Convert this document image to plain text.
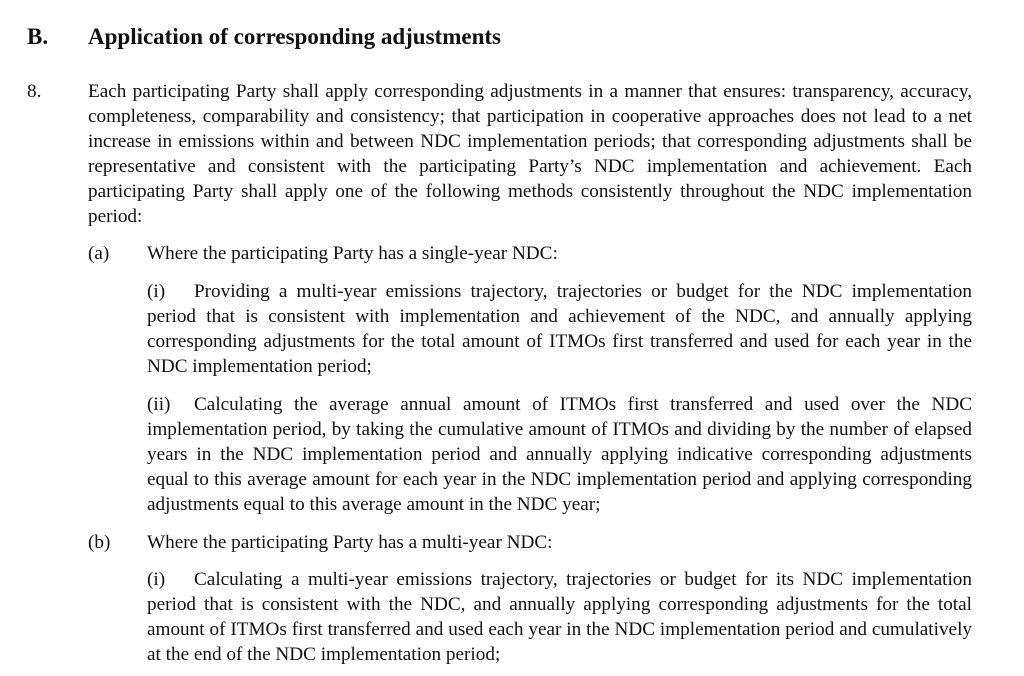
B. Application of corresponding adjustments
8. Each participating Party shall apply corresponding adjustments in a manner that ensures: transparency, accuracy, completeness, comparability and consistency; that participation in cooperative approaches does not lead to a net increase in emissions within and between NDC implementation periods; that corresponding adjustments shall be representative and consistent with the participating Party’s NDC implementation and achievement. Each participating Party shall apply one of the following methods consistently throughout the NDC implementation period:
(a) Where the participating Party has a single-year NDC:
(i) Providing a multi-year emissions trajectory, trajectories or budget for the NDC implementation period that is consistent with implementation and achievement of the NDC, and annually applying corresponding adjustments for the total amount of ITMOs first transferred and used for each year in the NDC implementation period;
(ii) Calculating the average annual amount of ITMOs first transferred and used over the NDC implementation period, by taking the cumulative amount of ITMOs and dividing by the number of elapsed years in the NDC implementation period and annually applying indicative corresponding adjustments equal to this average amount for each year in the NDC implementation period and applying corresponding adjustments equal to this average amount in the NDC year;
(b) Where the participating Party has a multi-year NDC:
(i) Calculating a multi-year emissions trajectory, trajectories or budget for its NDC implementation period that is consistent with the NDC, and annually applying corresponding adjustments for the total amount of ITMOs first transferred and used each year in the NDC implementation period and cumulatively at the end of the NDC implementation period;
